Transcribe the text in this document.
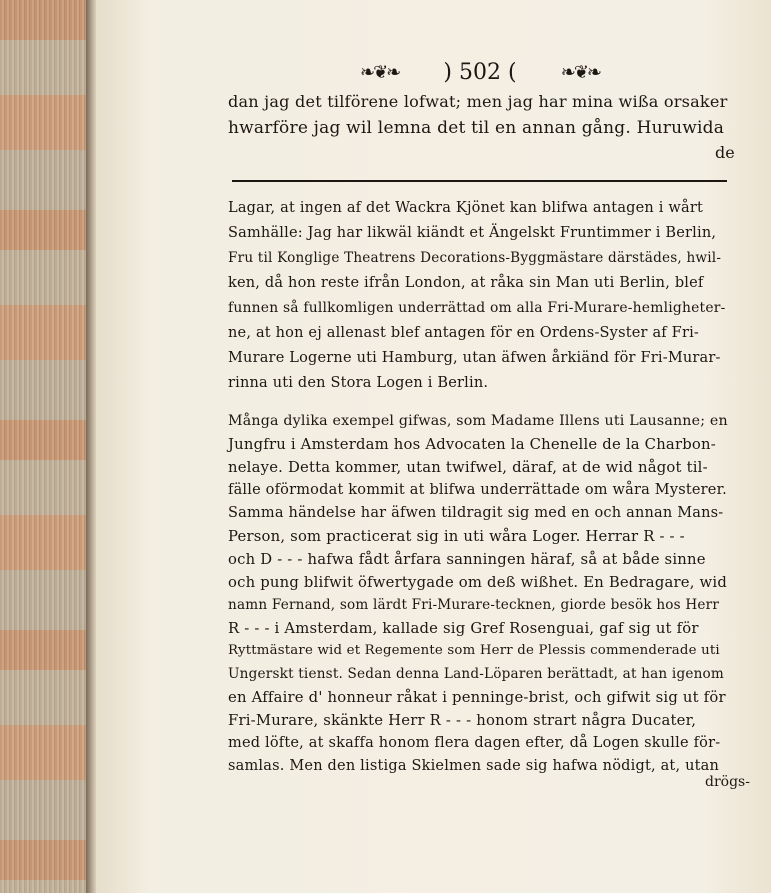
❧❦❧ ) 502 ( ❧❦❧
dan jag det tilförene lofwat; men jag har mina wißa orsaker
hwarföre jag wil lemna det til en annan gång. Huruwida
de
Lagar, at ingen af det Wackra Kjönet kan blifwa antagen i wårt
Samhälle: Jag har likwäl kiändt et Ängelskt Fruntimmer i Berlin,
Fru til Konglige Theatrens Decorations-Byggmästare därstädes, hwil-
ken, då hon reste ifrån London, at råka sin Man uti Berlin, blef
funnen så fullkomligen underrättad om alla Fri-Murare-hemligheter-
ne, at hon ej allenast blef antagen för en Ordens-Syster af Fri-
Murare Logerne uti Hamburg, utan äfwen årkiänd för Fri-Murar-
rinna uti den Stora Logen i Berlin.
Många dylika exempel gifwas, som Madame Illens uti Lausanne; en
Jungfru i Amsterdam hos Advocaten la Chenelle de la Charbon-
nelaye. Detta kommer, utan twifwel, däraf, at de wid något til-
fälle oförmodat kommit at blifwa underrättade om wåra Mysterer.
Samma händelse har äfwen tildragit sig med en och annan Mans-
Person, som practicerat sig in uti wåra Loger. Herrar R - - -
och D - - - hafwa fådt årfara sanningen häraf, så at både sinne
och pung blifwit öfwertygade om deß wißhet. En Bedragare, wid
namn Fernand, som lärdt Fri-Murare-tecknen, giorde besök hos Herr
R - - - i Amsterdam, kallade sig Gref Rosenguai, gaf sig ut för
Ryttmästare wid et Regemente som Herr de Plessis commenderade uti
Ungerskt tienst. Sedan denna Land-Löparen berättadt, at han igenom
en Affaire d' honneur råkat i penninge-brist, och gifwit sig ut för
Fri-Murare, skänkte Herr R - - - honom strart några Ducater,
med löfte, at skaffa honom flera dagen efter, då Logen skulle för-
samlas. Men den listiga Skielmen sade sig hafwa nödigt, at, utan
drögs-
